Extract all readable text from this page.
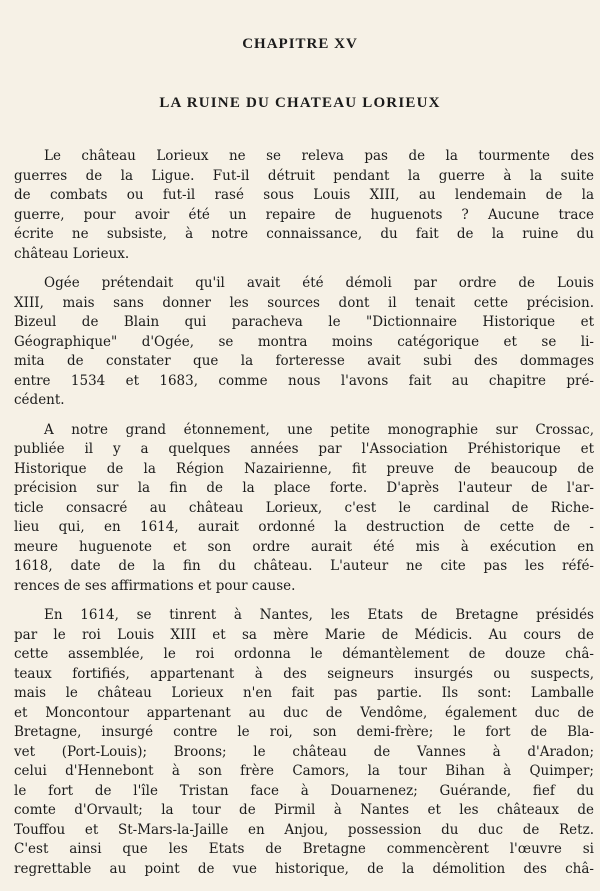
CHAPITRE XV
LA RUINE DU CHATEAU LORIEUX
Le château Lorieux ne se releva pas de la tourmente des
guerres de la Ligue. Fut-il détruit pendant la guerre à la suite
de combats ou fut-il rasé sous Louis XIII, au lendemain de la
guerre, pour avoir été un repaire de huguenots ? Aucune trace
écrite ne subsiste, à notre connaissance, du fait de la ruine du
château Lorieux.
Ogée prétendait qu'il avait été démoli par ordre de Louis
XIII, mais sans donner les sources dont il tenait cette précision.
Bizeul de Blain qui paracheva le "Dictionnaire Historique et
Géographique" d'Ogée, se montra moins catégorique et se li-
mita de constater que la forteresse avait subi des dommages
entre 1534 et 1683, comme nous l'avons fait au chapitre pré-
cédent.
A notre grand étonnement, une petite monographie sur Crossac,
publiée il y a quelques années par l'Association Préhistorique et
Historique de la Région Nazairienne, fit preuve de beaucoup de
précision sur la fin de la place forte. D'après l'auteur de l'ar-
ticle consacré au château Lorieux, c'est le cardinal de Riche-
lieu qui, en 1614, aurait ordonné la destruction de cette de -
meure huguenote et son ordre aurait été mis à exécution en
1618, date de la fin du château. L'auteur ne cite pas les réfé-
rences de ses affirmations et pour cause.
En 1614, se tinrent à Nantes, les Etats de Bretagne présidés
par le roi Louis XIII et sa mère Marie de Médicis. Au cours de
cette assemblée, le roi ordonna le démantèlement de douze châ-
teaux fortifiés, appartenant à des seigneurs insurgés ou suspects,
mais le château Lorieux n'en fait pas partie. Ils sont: Lamballe
et Moncontour appartenant au duc de Vendôme, également duc de
Bretagne, insurgé contre le roi, son demi-frère; le fort de Bla-
vet (Port-Louis); Broons; le château de Vannes à d'Aradon;
celui d'Hennebont à son frère Camors, la tour Bihan à Quimper;
le fort de l'île Tristan face à Douarnenez; Guérande, fief du
comte d'Orvault; la tour de Pirmil à Nantes et les châteaux de
Touffou et St-Mars-la-Jaille en Anjou, possession du duc de Retz.
C'est ainsi que les Etats de Bretagne commencèrent l'œuvre si
regrettable au point de vue historique, de la démolition des châ-
